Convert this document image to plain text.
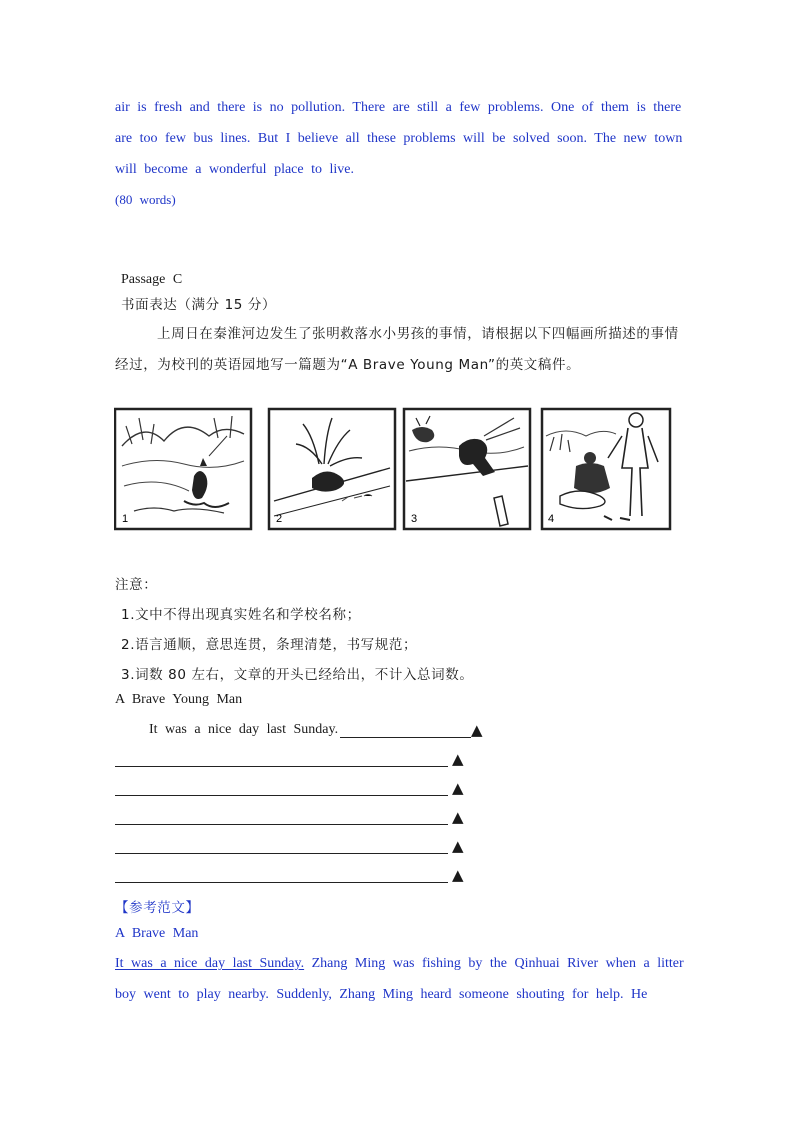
air is fresh and there is no pollution. There are still a few problems. One of them is there
are too few bus lines. But I believe all these problems will be solved soon. The new town
will become a wonderful place to live.
(80 words)
Passage C
书面表达（满分 15 分）
上周日在秦淮河边发生了张明救落水小男孩的事情，请根据以下四幅画所描述的事情
经过，为校刊的英语园地写一篇题为“A Brave Young Man”的英文稿件。
1	2	3	4
注意：
1.文中不得出现真实姓名和学校名称；
2.语言通顺，意思连贯，条理清楚，书写规范；
3.词数 80 左右，文章的开头已经给出，不计入总词数。
A Brave Young Man
It was a nice day last Sunday.	▲
▲
▲
▲
▲
▲
【参考范文】
A Brave Man
It was a nice day last Sunday. Zhang Ming was fishing by the Qinhuai River when a litter
boy went to play nearby. Suddenly, Zhang Ming heard someone shouting for help. He
